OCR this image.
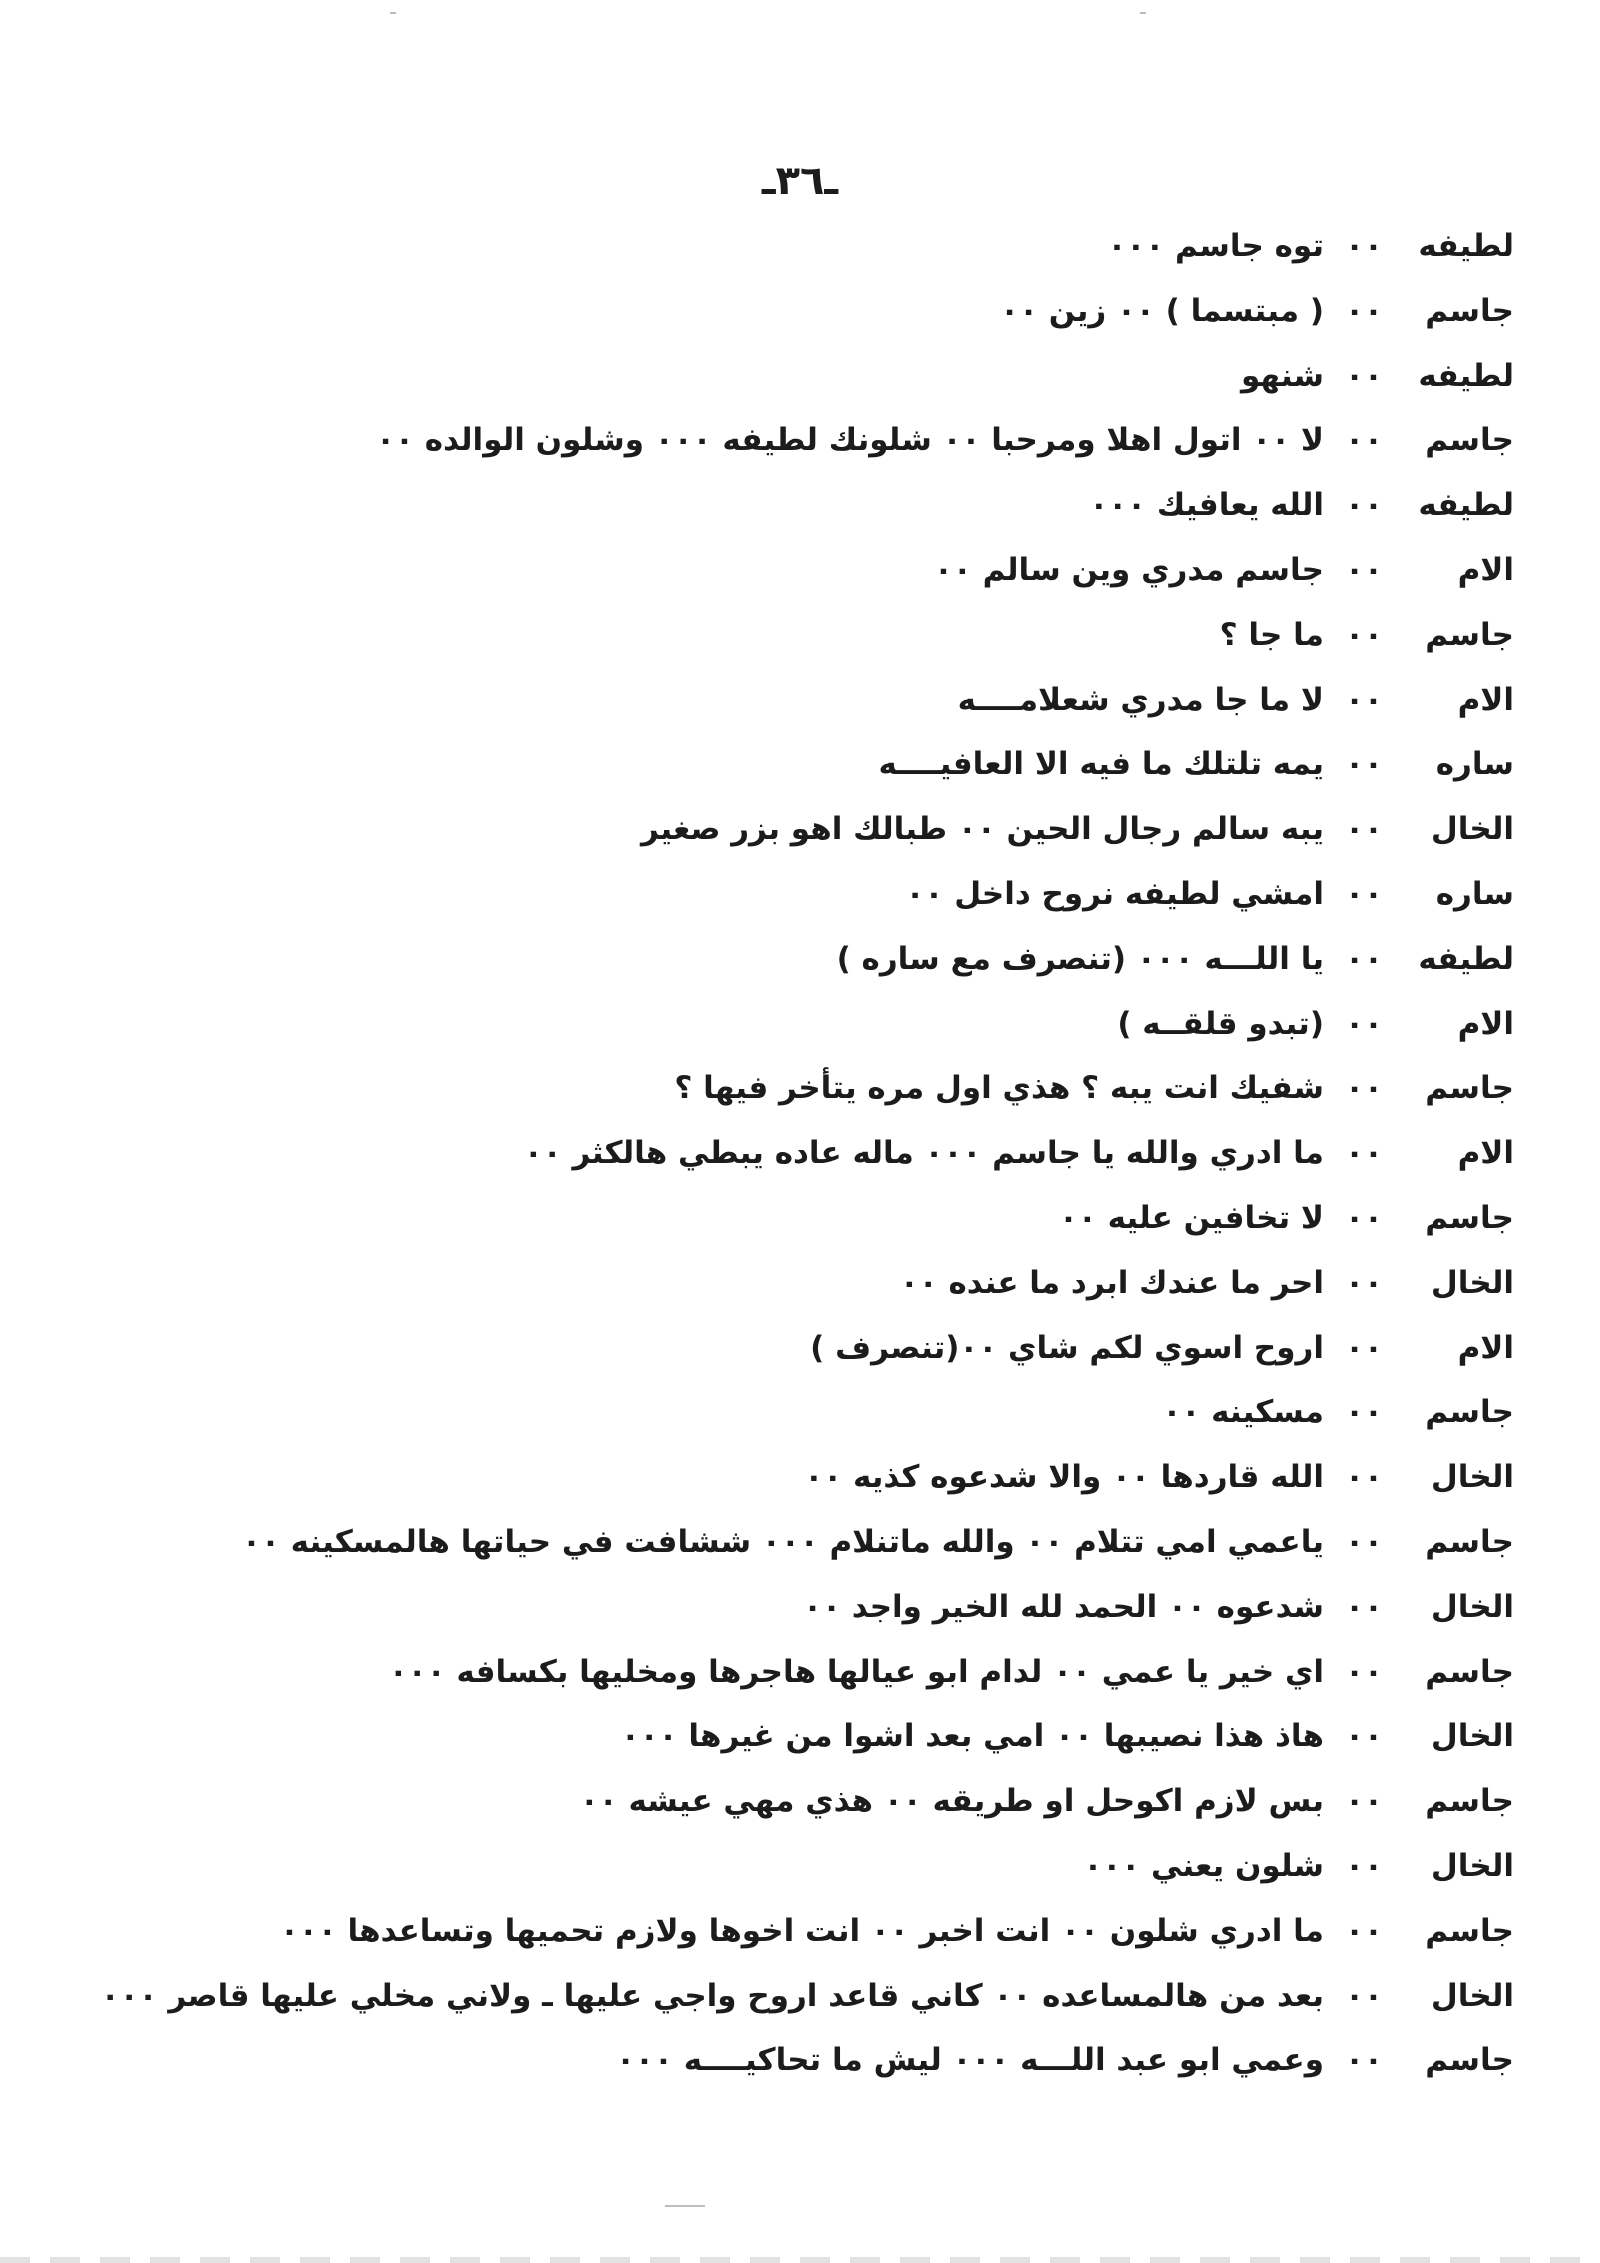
ـ٣٦ـ
لطيفه
٠٠
توه جاسم ٠٠٠
جاسم
٠٠
( مبتسما ) ٠٠ زين ٠٠
لطيفه
٠٠
شنهو
جاسم
٠٠
لا ٠٠ اتول اهلا ومرحبا ٠٠ شلونك لطيفه ٠٠٠ وشلون الوالده ٠٠
لطيفه
٠٠
الله يعافيك ٠٠٠
الام
٠٠
جاسم مدري وين سالم ٠٠
جاسم
٠٠
ما جا ؟
الام
٠٠
لا ما جا مدري شعلامــــه
ساره
٠٠
يمه تلتلك ما فيه الا العافيــــه
الخال
٠٠
يبه سالم رجال الحين ٠٠ طبالك اهو بزر صغير
ساره
٠٠
امشي لطيفه نروح داخل ٠٠
لطيفه
٠٠
يا اللـــه ٠٠٠ (تنصرف مع ساره )
الام
٠٠
(تبدو قلقــه )
جاسم
٠٠
شفيك انت يبه ؟ هذي اول مره يتأخر فيها ؟
الام
٠٠
ما ادري والله يا جاسم ٠٠٠ ماله عاده يبطي هالكثر ٠٠
جاسم
٠٠
لا تخافين عليه ٠٠
الخال
٠٠
احر ما عندك ابرد ما عنده ٠٠
الام
٠٠
اروح اسوي لكم شاي ٠٠(تنصرف )
جاسم
٠٠
مسكينه ٠٠
الخال
٠٠
الله قاردها ٠٠ والا شدعوه كذيه ٠٠
جاسم
٠٠
ياعمي امي تتلام ٠٠ والله ماتنلام ٠٠٠ ششافت في حياتها هالمسكينه ٠٠
الخال
٠٠
شدعوه ٠٠ الحمد لله الخير واجد ٠٠
جاسم
٠٠
اي خير يا عمي ٠٠ لدام ابو عيالها هاجرها ومخليها بكسافه ٠٠٠
الخال
٠٠
هاذ هذا نصيبها ٠٠ امي بعد اشوا من غيرها ٠٠٠
جاسم
٠٠
بس لازم اكوحل او طريقه ٠٠ هذي مهي عيشه ٠٠
الخال
٠٠
شلون يعني ٠٠٠
جاسم
٠٠
ما ادري شلون ٠٠ انت اخبر ٠٠ انت اخوها ولازم تحميها وتساعدها ٠٠٠
الخال
٠٠
بعد من هالمساعده ٠٠ كاني قاعد اروح واجي عليها ـ ولاني مخلي عليها قاصر ٠٠٠
جاسم
٠٠
وعمي ابو عبد اللـــه ٠٠٠ ليش ما تحاكيــــه ٠٠٠
